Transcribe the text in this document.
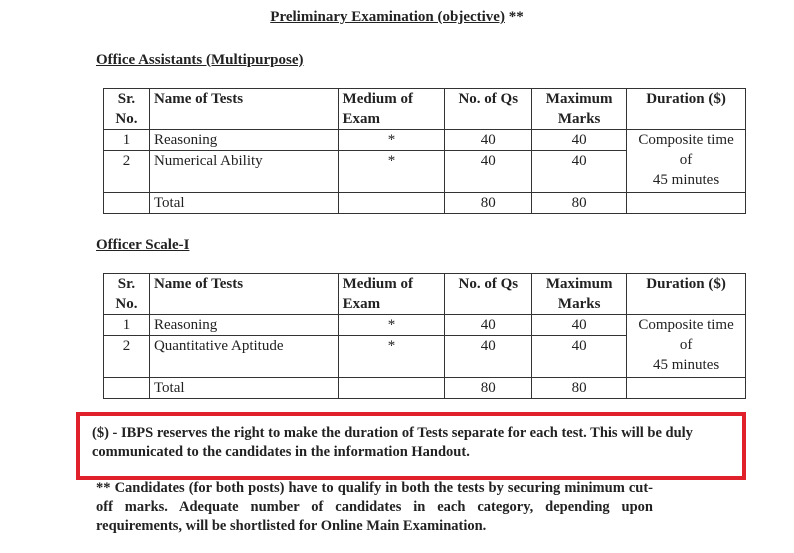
Preliminary Examination (objective) **
Office Assistants (Multipurpose)
Sr. No.	Name of Tests	Medium of Exam	No. of Qs	Maximum Marks	Duration ($)
1	Reasoning	*	40	40	Composite time
of
45 minutes

2	Numerical Ability	*	40	40	
	Total		80	80	
Officer Scale-I
Sr. No.	Name of Tests	Medium of Exam	No. of Qs	Maximum Marks	Duration ($)
1	Reasoning	*	40	40	Composite time
of
45 minutes

2	Quantitative Aptitude	*	40	40	
	Total		80	80	
($) - IBPS reserves the right to make the duration of Tests separate for each test. This will be duly communicated to the candidates in the information Handout.
** Candidates (for both posts) have to qualify in both the tests by securing minimum cut-off marks. Adequate number of candidates in each category, depending upon requirements, will be shortlisted for Online Main Examination.
